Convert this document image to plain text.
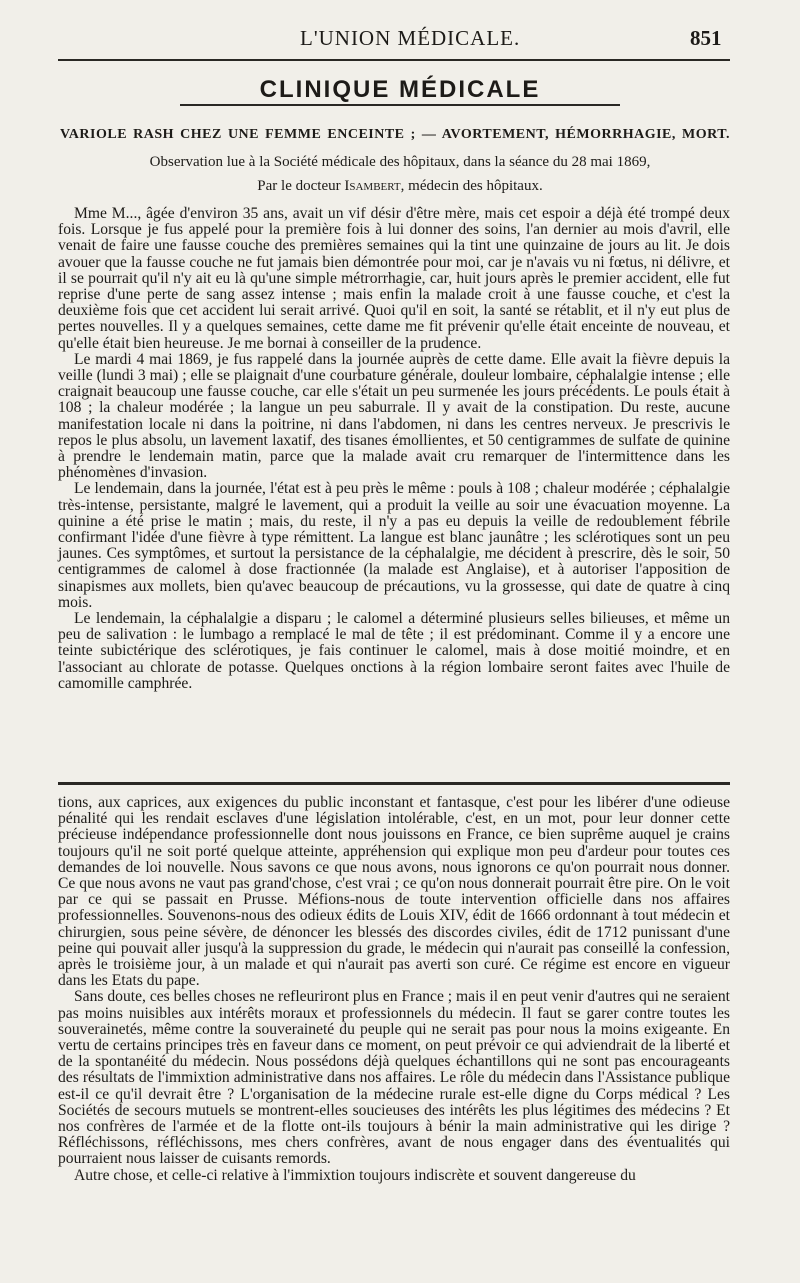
L'UNION MÉDICALE.	851
CLINIQUE MÉDICALE
VARIOLE RASH CHEZ UNE FEMME ENCEINTE ; — AVORTEMENT, HÉMORRHAGIE, MORT.
Observation lue à la Société médicale des hôpitaux, dans la séance du 28 mai 1869,
Par le docteur Isambert, médecin des hôpitaux.

Mme M..., âgée d'environ 35 ans, avait un vif désir d'être mère, mais cet espoir a déjà été trompé deux fois. Lorsque je fus appelé pour la première fois à lui donner des soins, l'an dernier au mois d'avril, elle venait de faire une fausse couche des premières semaines qui la tint une quinzaine de jours au lit. Je dois avouer que la fausse couche ne fut jamais bien démontrée pour moi, car je n'avais vu ni fœtus, ni délivre, et il se pourrait qu'il n'y ait eu là qu'une simple métrorrhagie, car, huit jours après le premier accident, elle fut reprise d'une perte de sang assez intense ; mais enfin la malade croit à une fausse couche, et c'est la deuxième fois que cet accident lui serait arrivé. Quoi qu'il en soit, la santé se rétablit, et il n'y eut plus de pertes nouvelles. Il y a quelques semaines, cette dame me fit prévenir qu'elle était enceinte de nouveau, et qu'elle était bien heureuse. Je me bornai à conseiller de la prudence.

Le mardi 4 mai 1869, je fus rappelé dans la journée auprès de cette dame. Elle avait la fièvre depuis la veille (lundi 3 mai) ; elle se plaignait d'une courbature générale, douleur lombaire, céphalalgie intense ; elle craignait beaucoup une fausse couche, car elle s'était un peu surmenée les jours précédents. Le pouls était à 108 ; la chaleur modérée ; la langue un peu saburrale. Il y avait de la constipation. Du reste, aucune manifestation locale ni dans la poitrine, ni dans l'abdomen, ni dans les centres nerveux. Je prescrivis le repos le plus absolu, un lavement laxatif, des tisanes émollientes, et 50 centigrammes de sulfate de quinine à prendre le lendemain matin, parce que la malade avait cru remarquer de l'intermittence dans les phénomènes d'invasion.

Le lendemain, dans la journée, l'état est à peu près le même : pouls à 108 ; chaleur modérée ; céphalalgie très-intense, persistante, malgré le lavement, qui a produit la veille au soir une évacuation moyenne. La quinine a été prise le matin ; mais, du reste, il n'y a pas eu depuis la veille de redoublement fébrile confirmant l'idée d'une fièvre à type rémittent. La langue est blanc jaunâtre ; les sclérotiques sont un peu jaunes. Ces symptômes, et surtout la persistance de la céphalalgie, me décident à prescrire, dès le soir, 50 centigrammes de calomel à dose fractionnée (la malade est Anglaise), et à autoriser l'apposition de sinapismes aux mollets, bien qu'avec beaucoup de précautions, vu la grossesse, qui date de quatre à cinq mois.

Le lendemain, la céphalalgie a disparu ; le calomel a déterminé plusieurs selles bilieuses, et même un peu de salivation : le lumbago a remplacé le mal de tête ; il est prédominant. Comme il y a encore une teinte subictérique des sclérotiques, je fais continuer le calomel, mais à dose moitié moindre, et en l'associant au chlorate de potasse. Quelques onctions à la région lombaire seront faites avec l'huile de camomille camphrée.

tions, aux caprices, aux exigences du public inconstant et fantasque, c'est pour les libérer d'une odieuse pénalité qui les rendait esclaves d'une législation intolérable, c'est, en un mot, pour leur donner cette précieuse indépendance professionnelle dont nous jouissons en France, ce bien suprême auquel je crains toujours qu'il ne soit porté quelque atteinte, appréhension qui explique mon peu d'ardeur pour toutes ces demandes de loi nouvelle. Nous savons ce que nous avons, nous ignorons ce qu'on pourrait nous donner. Ce que nous avons ne vaut pas grand'chose, c'est vrai ; ce qu'on nous donnerait pourrait être pire. On le voit par ce qui se passait en Prusse. Méfions-nous de toute intervention officielle dans nos affaires professionnelles. Souvenons-nous des odieux édits de Louis XIV, édit de 1666 ordonnant à tout médecin et chirurgien, sous peine sévère, de dénoncer les blessés des discordes civiles, édit de 1712 punissant d'une peine qui pouvait aller jusqu'à la suppression du grade, le médecin qui n'aurait pas conseillé la confession, après le troisième jour, à un malade et qui n'aurait pas averti son curé. Ce régime est encore en vigueur dans les Etats du pape.

Sans doute, ces belles choses ne refleuriront plus en France ; mais il en peut venir d'autres qui ne seraient pas moins nuisibles aux intérêts moraux et professionnels du médecin. Il faut se garer contre toutes les souverainetés, même contre la souveraineté du peuple qui ne serait pas pour nous la moins exigeante. En vertu de certains principes très en faveur dans ce moment, on peut prévoir ce qui adviendrait de la liberté et de la spontanéité du médecin. Nous possédons déjà quelques échantillons qui ne sont pas encourageants des résultats de l'immixtion administrative dans nos affaires. Le rôle du médecin dans l'Assistance publique est-il ce qu'il devrait être ? L'organisation de la médecine rurale est-elle digne du Corps médical ? Les Sociétés de secours mutuels se montrent-elles soucieuses des intérêts les plus légitimes des médecins ? Et nos confrères de l'armée et de la flotte ont-ils toujours à bénir la main administrative qui les dirige ? Réfléchissons, réfléchissons, mes chers confrères, avant de nous engager dans des éventualités qui pourraient nous laisser de cuisants remords.

Autre chose, et celle-ci relative à l'immixtion toujours indiscrète et souvent dangereuse du
